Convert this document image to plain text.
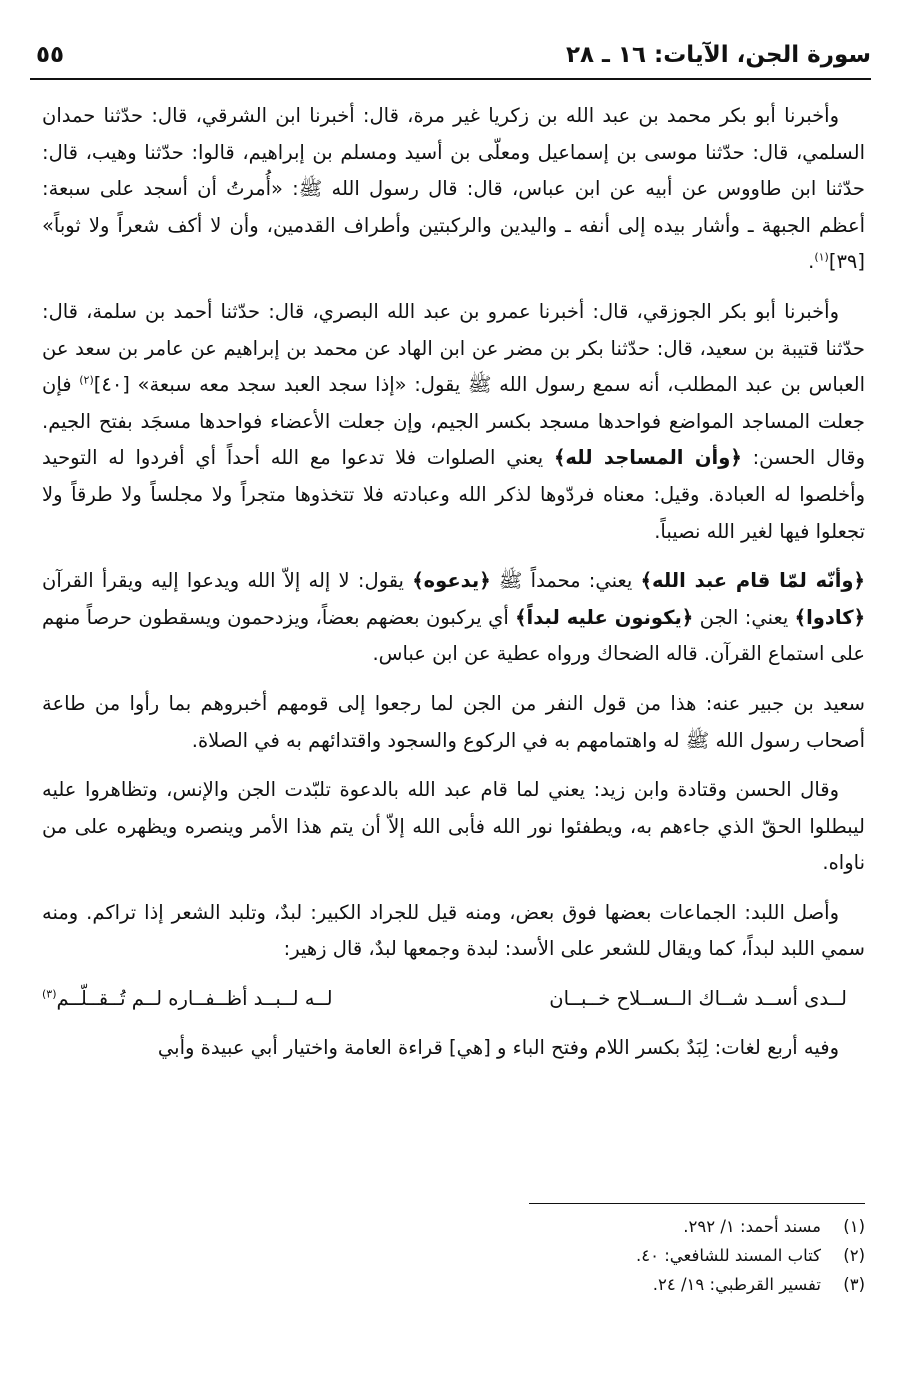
سورة الجن، الآيات: ١٦ ـ ٢٨
٥٥

وأخبرنا أبو بكر محمد بن عبد الله بن زكريا غير مرة، قال: أخبرنا ابن الشرقي، قال: حدّثنا حمدان السلمي، قال: حدّثنا موسى بن إسماعيل ومعلّى بن أسيد ومسلم بن إبراهيم، قالوا: حدّثنا وهيب، قال: حدّثنا ابن طاووس عن أبيه عن ابن عباس، قال: قال رسول الله ﷺ: «أُمرتُ أن أسجد على سبعة: أعظم الجبهة ـ وأشار بيده إلى أنفه ـ واليدين والركبتين وأطراف القدمين، وأن لا أكف شعراً ولا ثوباً» [٣٩]$^{(١)}$.

وأخبرنا أبو بكر الجوزقي، قال: أخبرنا عمرو بن عبد الله البصري، قال: حدّثنا أحمد بن سلمة، قال: حدّثنا قتيبة بن سعيد، قال: حدّثنا بكر بن مضر عن ابن الهاد عن محمد بن إبراهيم عن عامر بن سعد عن العباس بن عبد المطلب، أنه سمع رسول الله ﷺ يقول: «إذا سجد العبد سجد معه سبعة» [٤٠]$^{(٢)}$ فإن جعلت المساجد المواضع فواحدها مسجد بكسر الجيم، وإن جعلت الأعضاء فواحدها مسجَد بفتح الجيم. وقال الحسن: ﴿وأن المساجد لله﴾ يعني الصلوات فلا تدعوا مع الله أحداً أي أفردوا له التوحيد وأخلصوا له العبادة. وقيل: معناه فردّوها لذكر الله وعبادته فلا تتخذوها متجراً ولا مجلساً ولا طرقاً ولا تجعلوا فيها لغير الله نصيباً.

﴿وأنّه لمّا قام عبد الله﴾ يعني: محمداً ﷺ ﴿يدعوه﴾ يقول: لا إله إلاّ الله ويدعوا إليه ويقرأ القرآن ﴿كادوا﴾ يعني: الجن ﴿يكونون عليه لبداً﴾ أي يركبون بعضهم بعضاً، ويزدحمون ويسقطون حرصاً منهم على استماع القرآن. قاله الضحاك ورواه عطية عن ابن عباس.

سعيد بن جبير عنه: هذا من قول النفر من الجن لما رجعوا إلى قومهم أخبروهم بما رأوا من طاعة أصحاب رسول الله ﷺ له واهتمامهم به في الركوع والسجود واقتدائهم به في الصلاة.

وقال الحسن وقتادة وابن زيد: يعني لما قام عبد الله بالدعوة تلبّدت الجن والإنس، وتظاهروا عليه ليبطلوا الحقّ الذي جاءهم به، ويطفئوا نور الله فأبى الله إلاّ أن يتم هذا الأمر وينصره ويظهره على من ناواه.

وأصل اللبد: الجماعات بعضها فوق بعض، ومنه قيل للجراد الكبير: لبدٌ، وتلبد الشعر إذا تراكم. ومنه سمي اللبد لبداً، كما ويقال للشعر على الأسد: لبدة وجمعها لبدٌ، قال زهير:

لــدى أســد شــاك الــســلاح خــبــان
لــه لــبــد أظــفــاره لــم تُــقــلّــم$^{(٣)}$

وفيه أربع لغات: لِبَدٌ بكسر اللام وفتح الباء و [هي] قراءة العامة واختيار أبي عبيدة وأبي

(١)
مسند أحمد: ١/ ٢٩٢.
(٢)
كتاب المسند للشافعي: ٤٠.
(٣)
تفسير القرطبي: ١٩/ ٢٤.
